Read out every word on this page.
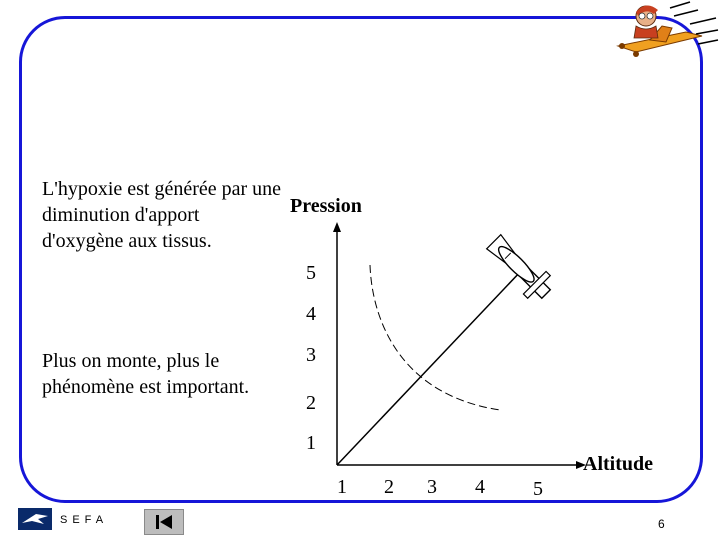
L'hypoxie est générée par une diminution d'apport d'oxygène aux tissus.

Plus on monte, plus le phénomène est important.

Pression
Altitude
5
4
3
2
1
1 2 3 4 5
SEFA	6
